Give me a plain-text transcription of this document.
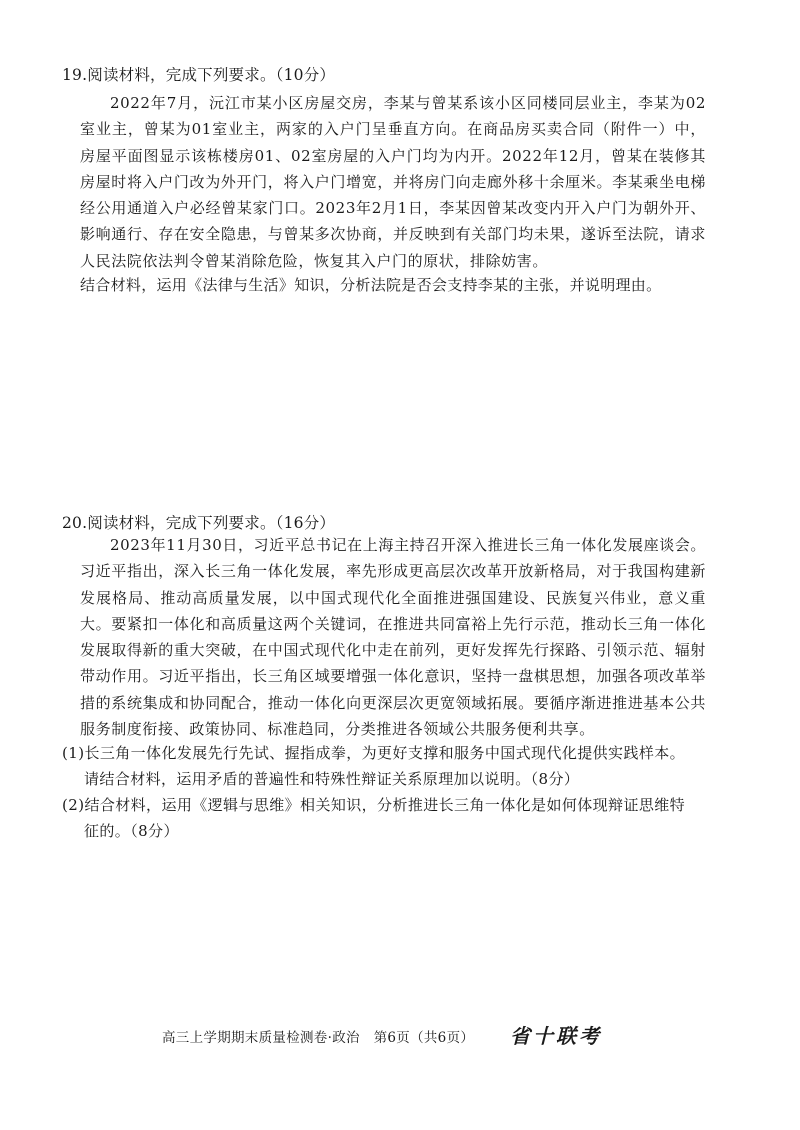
19.阅读材料，完成下列要求。（10分）
2022年7月，沅江市某小区房屋交房，李某与曾某系该小区同楼同层业主，李某为02室业主，曾某为01室业主，两家的入户门呈垂直方向。在商品房买卖合同（附件一）中，房屋平面图显示该栋楼房01、02室房屋的入户门均为内开。2022年12月，曾某在装修其房屋时将入户门改为外开门，将入户门增宽，并将房门向走廊外移十余厘米。李某乘坐电梯经公用通道入户必经曾某家门口。2023年2月1日，李某因曾某改变内开入户门为朝外开、影响通行、存在安全隐患，与曾某多次协商，并反映到有关部门均未果，遂诉至法院，请求人民法院依法判令曾某消除危险，恢复其入户门的原状，排除妨害。
结合材料，运用《法律与生活》知识，分析法院是否会支持李某的主张，并说明理由。
20.阅读材料，完成下列要求。（16分）
2023年11月30日，习近平总书记在上海主持召开深入推进长三角一体化发展座谈会。习近平指出，深入长三角一体化发展，率先形成更高层次改革开放新格局，对于我国构建新发展格局、推动高质量发展，以中国式现代化全面推进强国建设、民族复兴伟业，意义重大。要紧扣一体化和高质量这两个关键词，在推进共同富裕上先行示范，推动长三角一体化发展取得新的重大突破，在中国式现代化中走在前列，更好发挥先行探路、引领示范、辐射带动作用。习近平指出，长三角区域要增强一体化意识，坚持一盘棋思想，加强各项改革举措的系统集成和协同配合，推动一体化向更深层次更宽领域拓展。要循序渐进推进基本公共服务制度衔接、政策协同、标准趋同，分类推进各领域公共服务便利共享。
(1)长三角一体化发展先行先试、握指成拳，为更好支撑和服务中国式现代化提供实践样本。
请结合材料，运用矛盾的普遍性和特殊性辩证关系原理加以说明。（8分）
(2)结合材料，运用《逻辑与思维》相关知识，分析推进长三角一体化是如何体现辩证思维特
征的。（8分）
高三上学期期末质量检测卷·政治　第6页（共6页） 省十联考
